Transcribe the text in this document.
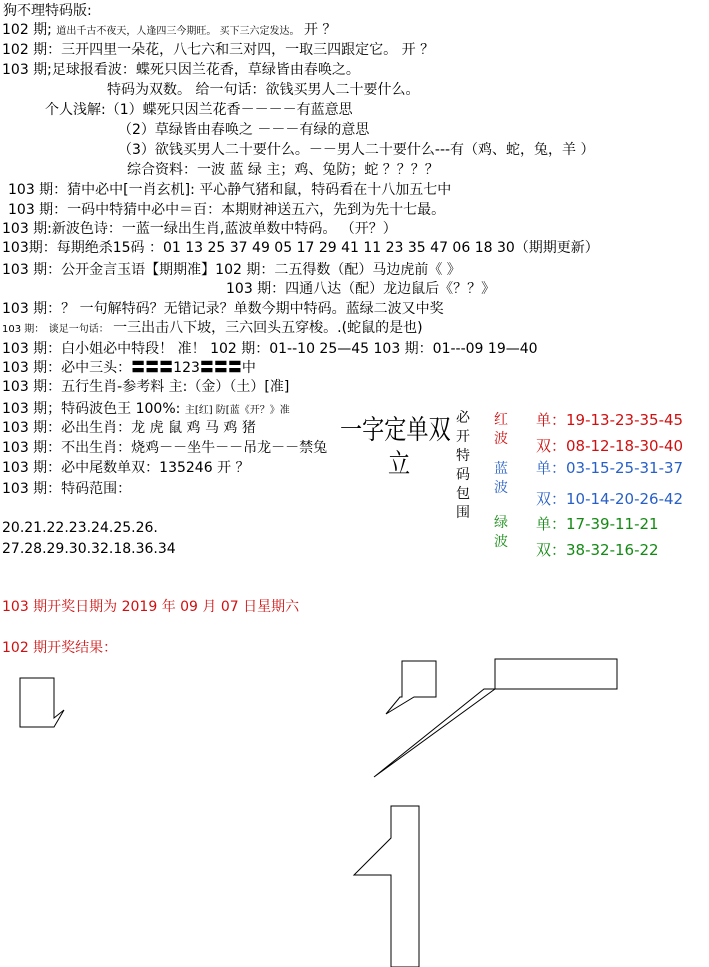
狗不理特码版:
102 期; 道出千古不夜天，人逢四三今期旺。 买下三六定发达。 开 ？
102 期：三开四里一朵花，八七六和三对四，一取三四跟定它。 开 ？
103 期;足球报看波：蝶死只因兰花香，草绿皆由春唤之。
特码为双数。 给一句话：欲钱买男人二十要什么。
个人浅解:（1）蝶死只因兰花香－－－－有蓝意思
（2）草绿皆由春唤之 －－－有绿的意思
（3）欲钱买男人二十要什么。－－男人二十要什么---有（鸡、蛇，兔，羊 ）
综合资料：一波 蓝 绿 主；鸡、兔防；蛇 ？？？？
103 期：猜中必中[一肖玄机]: 平心静气猪和鼠，特码看在十八加五七中
103 期：一码中特猜中必中＝百：本期财神送五六，先到为先十七最。
103 期:新波色诗：一蓝一绿出生肖,蓝波单数中特码。 （开？）
103期：每期绝杀15码 ：01 13 25 37 49 05 17 29 41 11 23 35 47 06 18 30（期期更新）
103 期：公开金言玉语【期期准】102 期：二五得数（配）马边虎前《 》
103 期：四通八达（配）龙边鼠后《？？》
103 期：？ 一句解特码？无错记录？单数今期中特码。蓝绿二波又中奖
103 期： 谈足一句话： 一三出击八下坡，三六回头五穿梭。.(蛇鼠的是也)
103 期：白小姐必中特段！ 准！ 102 期：01--10 25—45 103 期：01---09 19—40
103 期：必中三头：〓〓〓123〓〓〓中
103 期：五行生肖-参考料 主:（金）（土）[准]
103 期；特码波色王 100%: 主[红] 防[蓝《开？》准
103 期：必出生肖：龙 虎 鼠 鸡 马 鸡 猪
103 期：不出生肖：烧鸡－－坐牛－－吊龙－－禁兔
103 期：必中尾数单双：135246 开 ？
103 期：特码范围：
20.21.22.23.24.25.26.
27.28.29.30.32.18.36.34
一字定单双
立
必开特码包围
红波
蓝波
绿波
单：19-13-23-35-45
双：08-12-18-30-40
单：03-15-25-31-37
双：10-14-20-26-42
单：17-39-11-21
双：38-32-16-22
103 期开奖日期为 2019 年 09 月 07 日星期六
102 期开奖结果：
